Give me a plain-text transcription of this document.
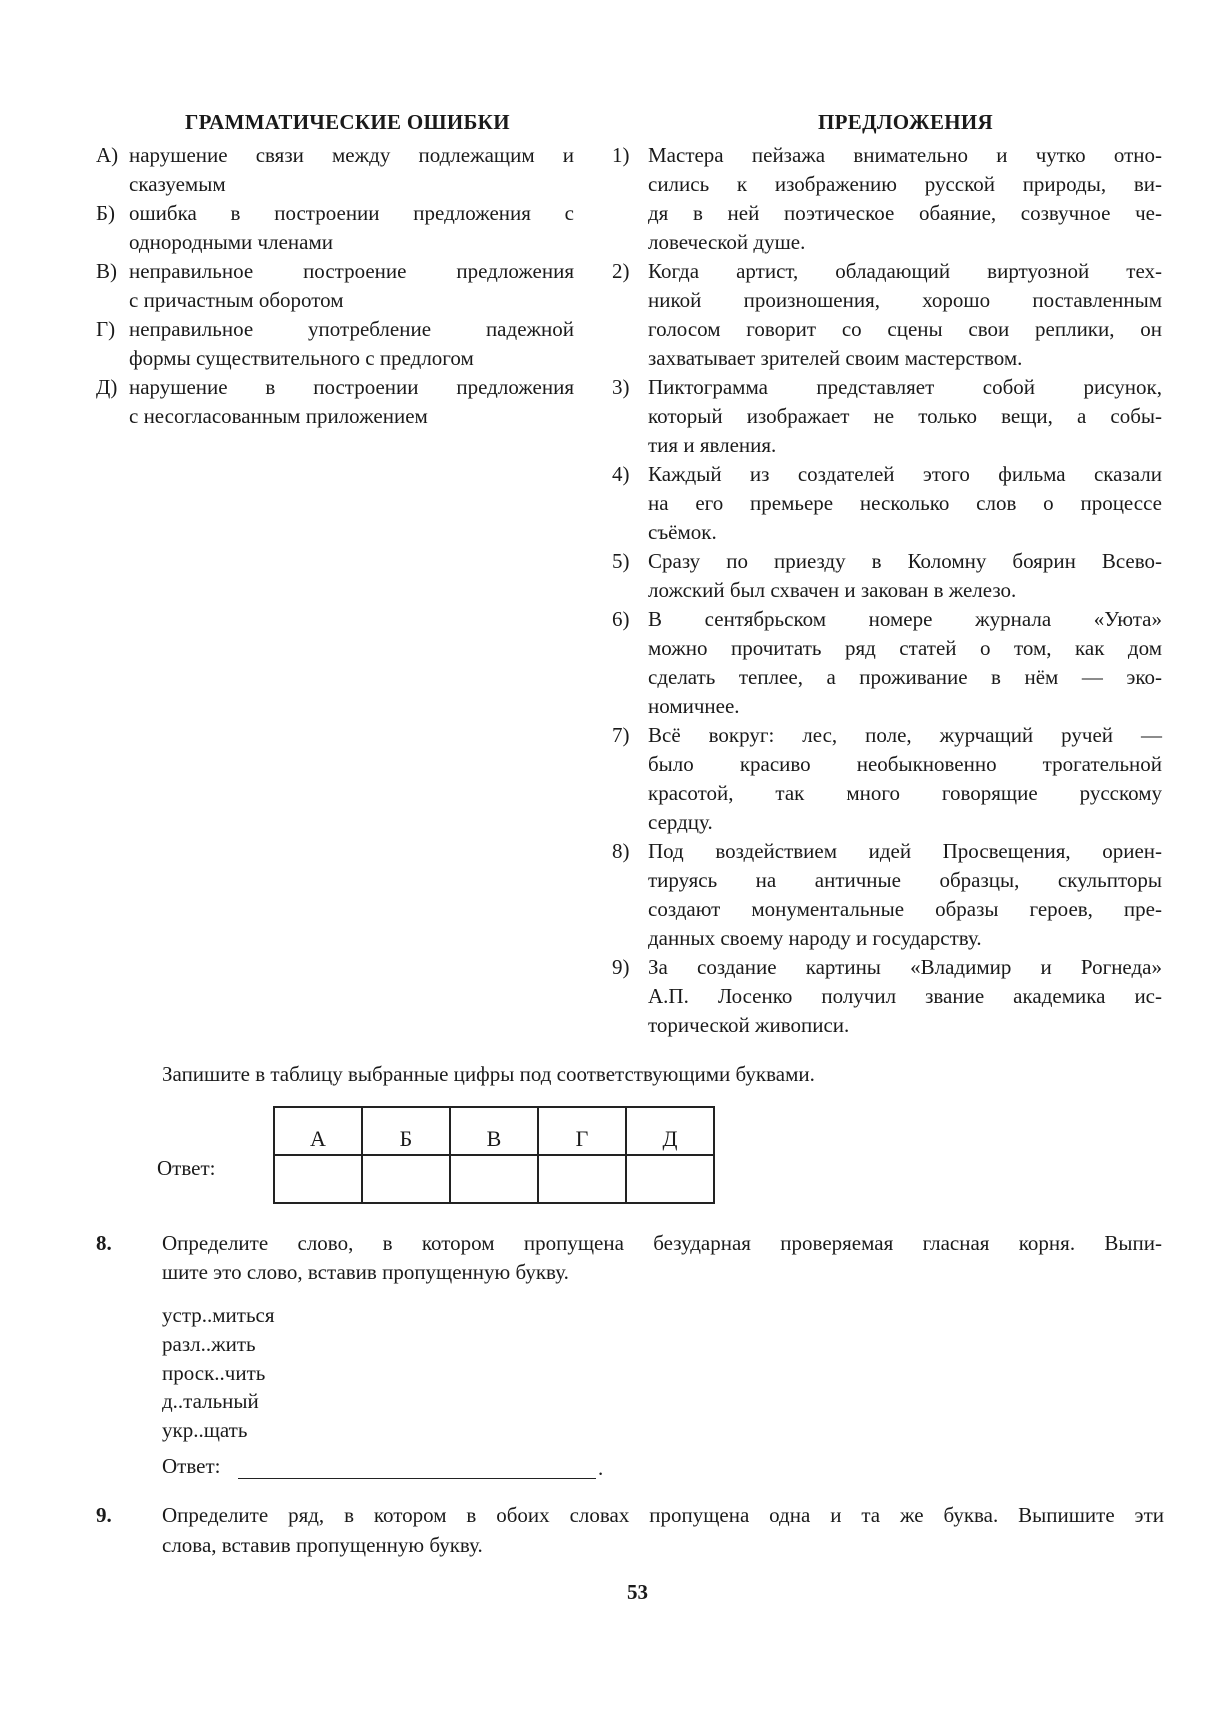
ГРАММАТИЧЕСКИЕ ОШИБКИ	ПРЕДЛОЖЕНИЯ
А) нарушение связи между подлежащим и
сказуемым
Б) ошибка в построении предложения с
однородными членами
В) неправильное построение предложения
с причастным оборотом
Г) неправильное употребление падежной
формы существительного с предлогом
Д) нарушение в построении предложения
с несогласованным приложением
1) Мастера пейзажа внимательно и чутко отно-
сились к изображению русской природы, ви-
дя в ней поэтическое обаяние, созвучное че-
ловеческой душе.
2) Когда артист, обладающий виртуозной тех-
никой произношения, хорошо поставленным
голосом говорит со сцены свои реплики, он
захватывает зрителей своим мастерством.
3) Пиктограмма представляет собой рисунок,
который изображает не только вещи, а собы-
тия и явления.
4) Каждый из создателей этого фильма сказали
на его премьере несколько слов о процессе
съёмок.
5) Сразу по приезду в Коломну боярин Всево-
ложский был схвачен и закован в железо.
6) В сентябрьском номере журнала «Уюта»
можно прочитать ряд статей о том, как дом
сделать теплее, а проживание в нём — эко-
номичнее.
7) Всё вокруг: лес, поле, журчащий ручей —
было красиво необыкновенно трогательной
красотой, так много говорящие русскому
сердцу.
8) Под воздействием идей Просвещения, ориен-
тируясь на античные образцы, скульпторы
создают монументальные образы героев, пре-
данных своему народу и государству.
9) За создание картины «Владимир и Рогнеда»
А.П. Лосенко получил звание академика ис-
торической живописи.
Запишите в таблицу выбранные цифры под соответствующими буквами.
Ответ:
А	Б	В	Г	Д

8. Определите слово, в котором пропущена безударная проверяемая гласная корня. Выпи-
шите это слово, вставив пропущенную букву.
устр..миться
разл..жить
проск..чить
д..тальный
укр..щать
Ответ:	.
9. Определите ряд, в котором в обоих словах пропущена одна и та же буква. Выпишите эти
слова, вставив пропущенную букву.
53
